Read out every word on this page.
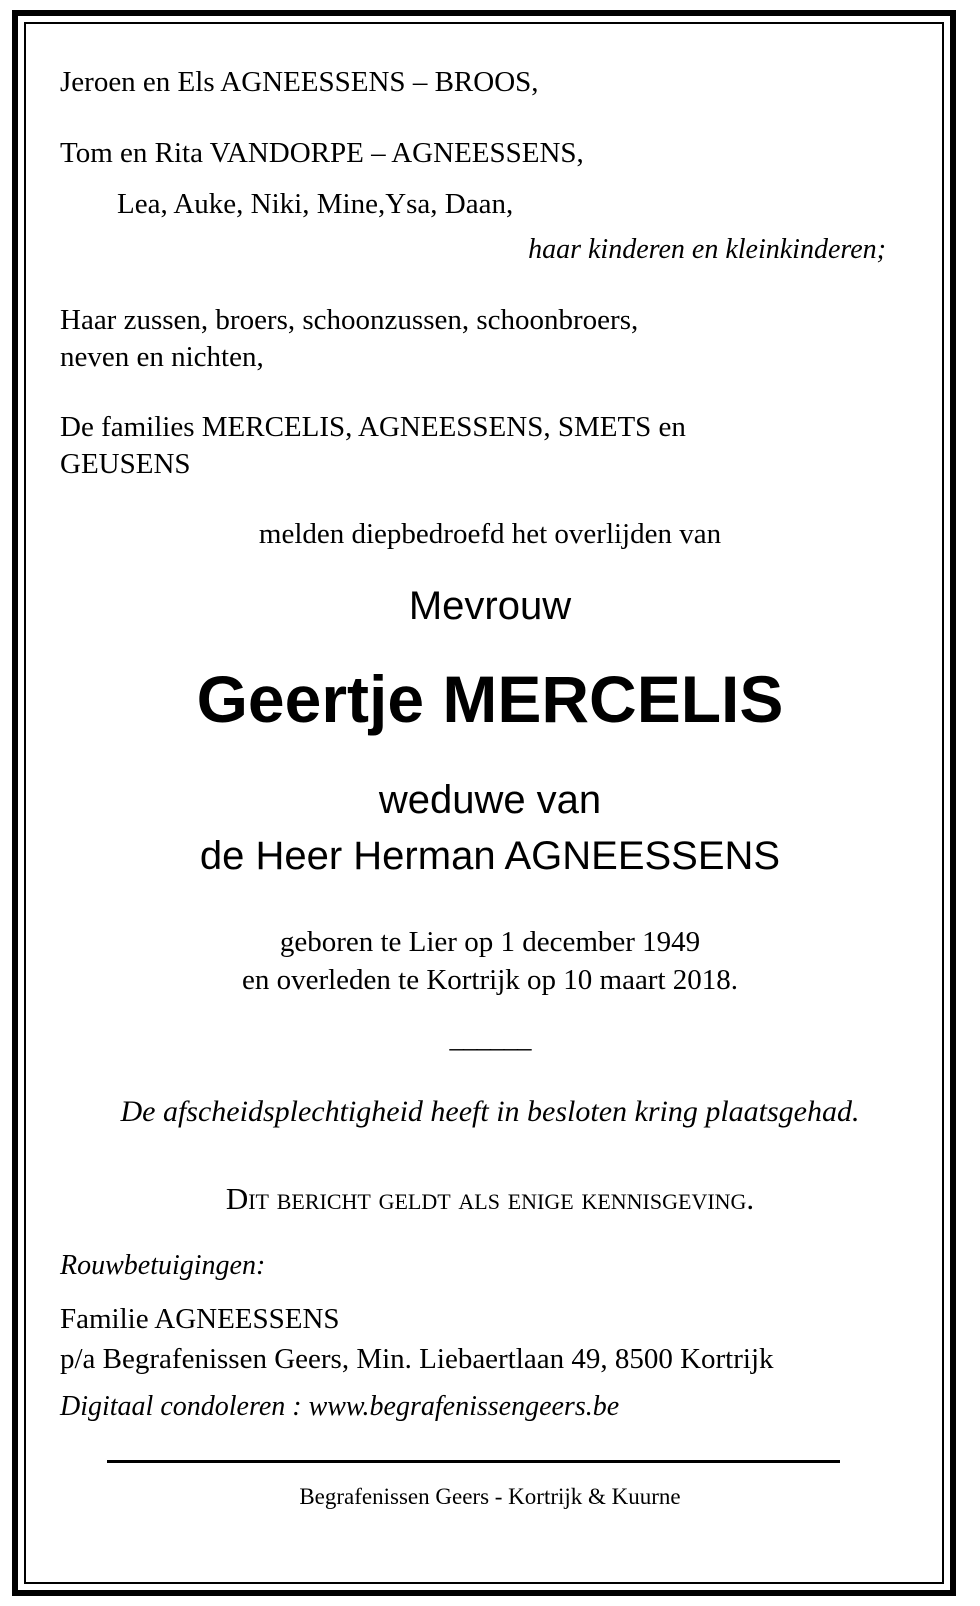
Jeroen en Els AGNEESSENS – BROOS,

Tom en Rita VANDORPE – AGNEESSENS,

Lea, Auke, Niki, Mine,Ysa, Daan,

haar kinderen en kleinkinderen;

Haar zussen, broers, schoonzussen, schoonbroers,

neven en nichten,

De families MERCELIS, AGNEESSENS, SMETS en

GEUSENS

melden diepbedroefd het overlijden van

Mevrouw

Geertje MERCELIS

weduwe van

de Heer Herman AGNEESSENS

geboren te Lier op 1 december 1949

en overleden te Kortrijk op 10 maart 2018.

______

De afscheidsplechtigheid heeft in besloten kring plaatsgehad.

Dit bericht geldt als enige kennisgeving.

Rouwbetuigingen:

Familie AGNEESSENS

p/a Begrafenissen Geers, Min. Liebaertlaan 49, 8500 Kortrijk

Digitaal condoleren : www.begrafenissengeers.be

Begrafenissen Geers - Kortrijk & Kuurne
